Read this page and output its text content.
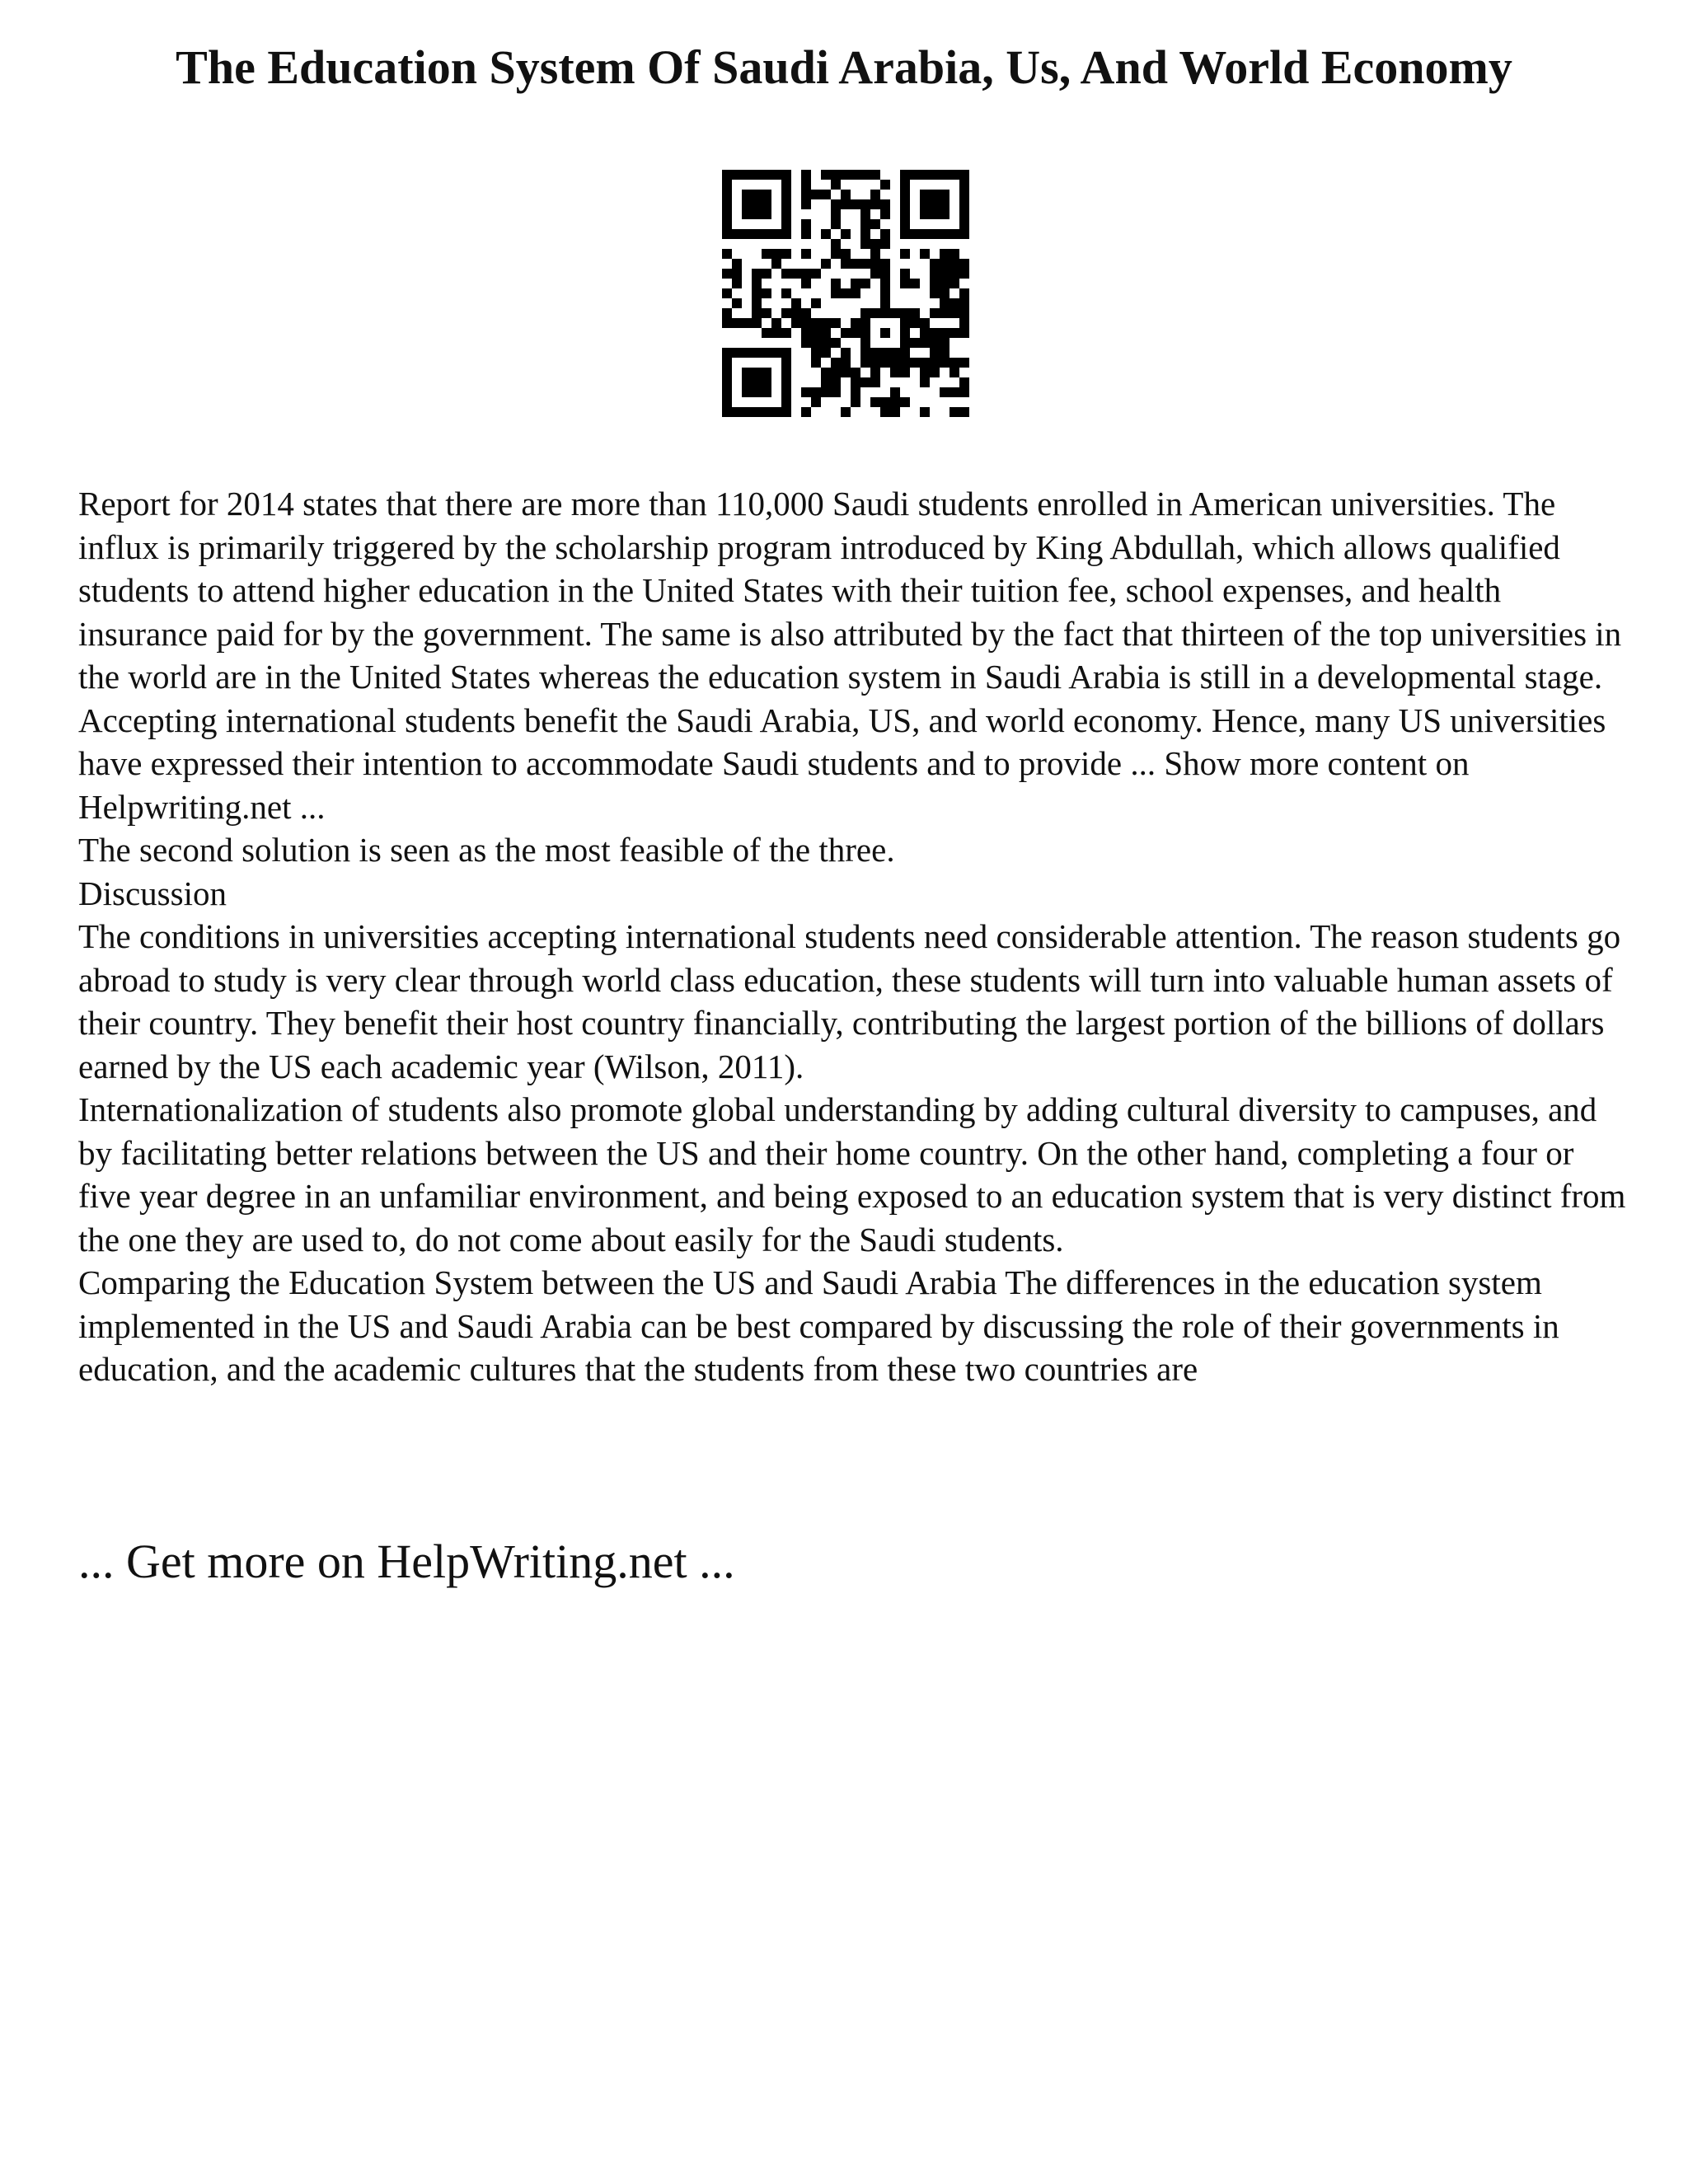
The Education System Of Saudi Arabia, Us, And World Economy

Report for 2014 states that there are more than 110,000 Saudi students enrolled in American universities. The influx is primarily triggered by the scholarship program introduced by King Abdullah, which allows qualified students to attend higher education in the United States with their tuition fee, school expenses, and health insurance paid for by the government. The same is also attributed by the fact that thirteen of the top universities in the world are in the United States whereas the education system in Saudi Arabia is still in a developmental stage.

Accepting international students benefit the Saudi Arabia, US, and world economy. Hence, many US universities have expressed their intention to accommodate Saudi students and to provide ... Show more content on Helpwriting.net ...

The second solution is seen as the most feasible of the three.

Discussion

The conditions in universities accepting international students need considerable attention. The reason students go abroad to study is very clear through world class education, these students will turn into valuable human assets of their country. They benefit their host country financially, contributing the largest portion of the billions of dollars earned by the US each academic year (Wilson, 2011).

Internationalization of students also promote global understanding by adding cultural diversity to campuses, and by facilitating better relations between the US and their home country. On the other hand, completing a four or five year degree in an unfamiliar environment, and being exposed to an education system that is very distinct from the one they are used to, do not come about easily for the Saudi students.

Comparing the Education System between the US and Saudi Arabia The differences in the education system implemented in the US and Saudi Arabia can be best compared by discussing the role of their governments in education, and the academic cultures that the students from these two countries are

... Get more on HelpWriting.net ...
